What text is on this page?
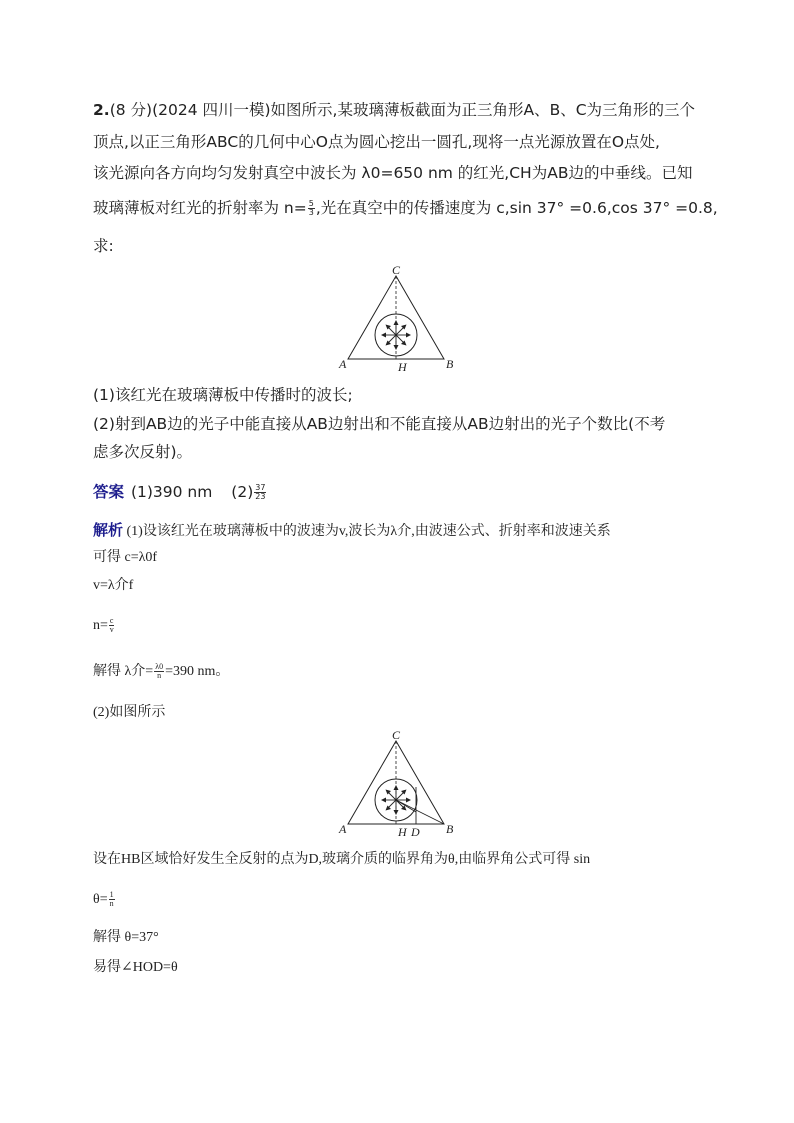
2.(8 分)(2024 四川一模)如图所示,某玻璃薄板截面为正三角形A、B、C为三角形的三个
顶点,以正三角形ABC的几何中心O点为圆心挖出一圆孔,现将一点光源放置在O点处,
该光源向各方向均匀发射真空中波长为 λ0=650 nm 的红光,CH为AB边的中垂线。已知
玻璃薄板对红光的折射率为 $n= \frac{5}{3}$ ,光在真空中的传播速度为 c,sin 37° =0.6,cos 37° =0.8,
求:
C
A	B
H
(1)该红光在玻璃薄板中传播时的波长;
(2)射到AB边的光子中能直接从AB边射出和不能直接从AB边射出的光子个数比(不考
虑多次反射)。
答案 (1)390 nm $(2) \frac{37}{23}$
解析 (1)设该红光在玻璃薄板中的波速为v,波长为λ介,由波速公式、折射率和波速关系
可得 c=λ0f
v=λ介f
$n= \frac{c}{v}$
解得 λ介= $\frac{\lambda 0}{n} =390$ nm。
(2)如图所示
C
A	B
H D
设在HB区域恰好发生全反射的点为D,玻璃介质的临界角为θ,由临界角公式可得 sin
$\theta= \frac{1}{n}$
解得 θ=37°
易得∠HOD=θ
